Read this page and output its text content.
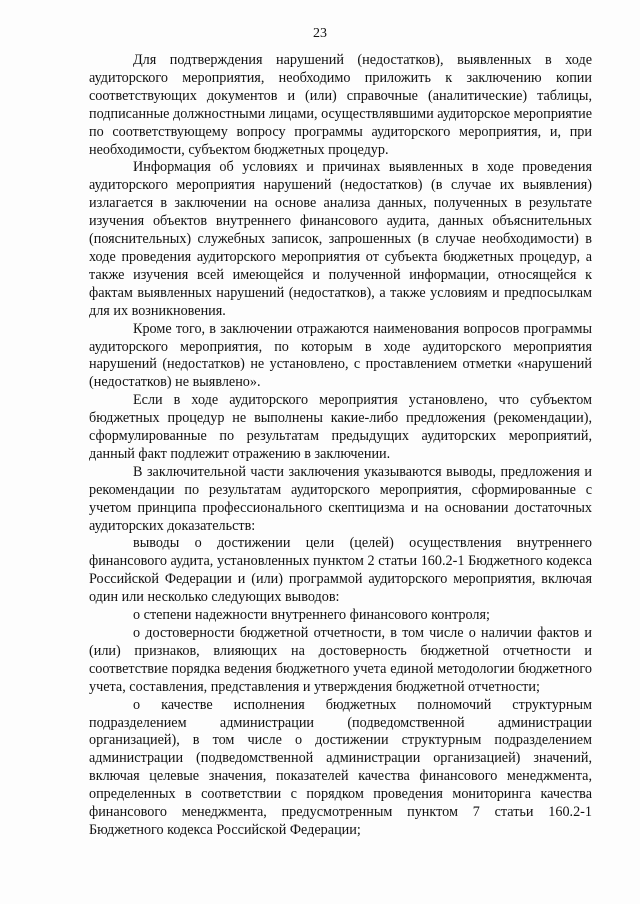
23

Для подтверждения нарушений (недостатков), выявленных в ходе аудиторского мероприятия, необходимо приложить к заключению копии соответствующих документов и (или) справочные (аналитические) таблицы, подписанные должностными лицами, осуществлявшими аудиторское мероприятие по соответствующему вопросу программы аудиторского мероприятия, и, при необходимости, субъектом бюджетных процедур.

Информация об условиях и причинах выявленных в ходе проведения аудиторского мероприятия нарушений (недостатков) (в случае их выявления) излагается в заключении на основе анализа данных, полученных в результате изучения объектов внутреннего финансового аудита, данных объяснительных (пояснительных) служебных записок, запрошенных (в случае необходимости) в ходе проведения аудиторского мероприятия от субъекта бюджетных процедур, а также изучения всей имеющейся и полученной информации, относящейся к фактам выявленных нарушений (недостатков), а также условиям и предпосылкам для их возникновения.

Кроме того, в заключении отражаются наименования вопросов программы аудиторского мероприятия, по которым в ходе аудиторского мероприятия нарушений (недостатков) не установлено, с проставлением отметки «нарушений (недостатков) не выявлено».

Если в ходе аудиторского мероприятия установлено, что субъектом бюджетных процедур не выполнены какие-либо предложения (рекомендации), сформулированные по результатам предыдущих аудиторских мероприятий, данный факт подлежит отражению в заключении.

В заключительной части заключения указываются выводы, предложения и рекомендации по результатам аудиторского мероприятия, сформированные с учетом принципа профессионального скептицизма и на основании достаточных аудиторских доказательств:

выводы о достижении цели (целей) осуществления внутреннего финансового аудита, установленных пунктом 2 статьи 160.2-1 Бюджетного кодекса Российской Федерации и (или) программой аудиторского мероприятия, включая один или несколько следующих выводов:

о степени надежности внутреннего финансового контроля;

о достоверности бюджетной отчетности, в том числе о наличии фактов и (или) признаков, влияющих на достоверность бюджетной отчетности и соответствие порядка ведения бюджетного учета единой методологии бюджетного учета, составления, представления и утверждения бюджетной отчетности;

о качестве исполнения бюджетных полномочий структурным подразделением администрации (подведомственной администрации организацией), в том числе о достижении структурным подразделением администрации (подведомственной администрации организацией) значений, включая целевые значения, показателей качества финансового менеджмента, определенных в соответствии с порядком проведения мониторинга качества финансового менеджмента, предусмотренным пунктом 7 статьи 160.2-1 Бюджетного кодекса Российской Федерации;
